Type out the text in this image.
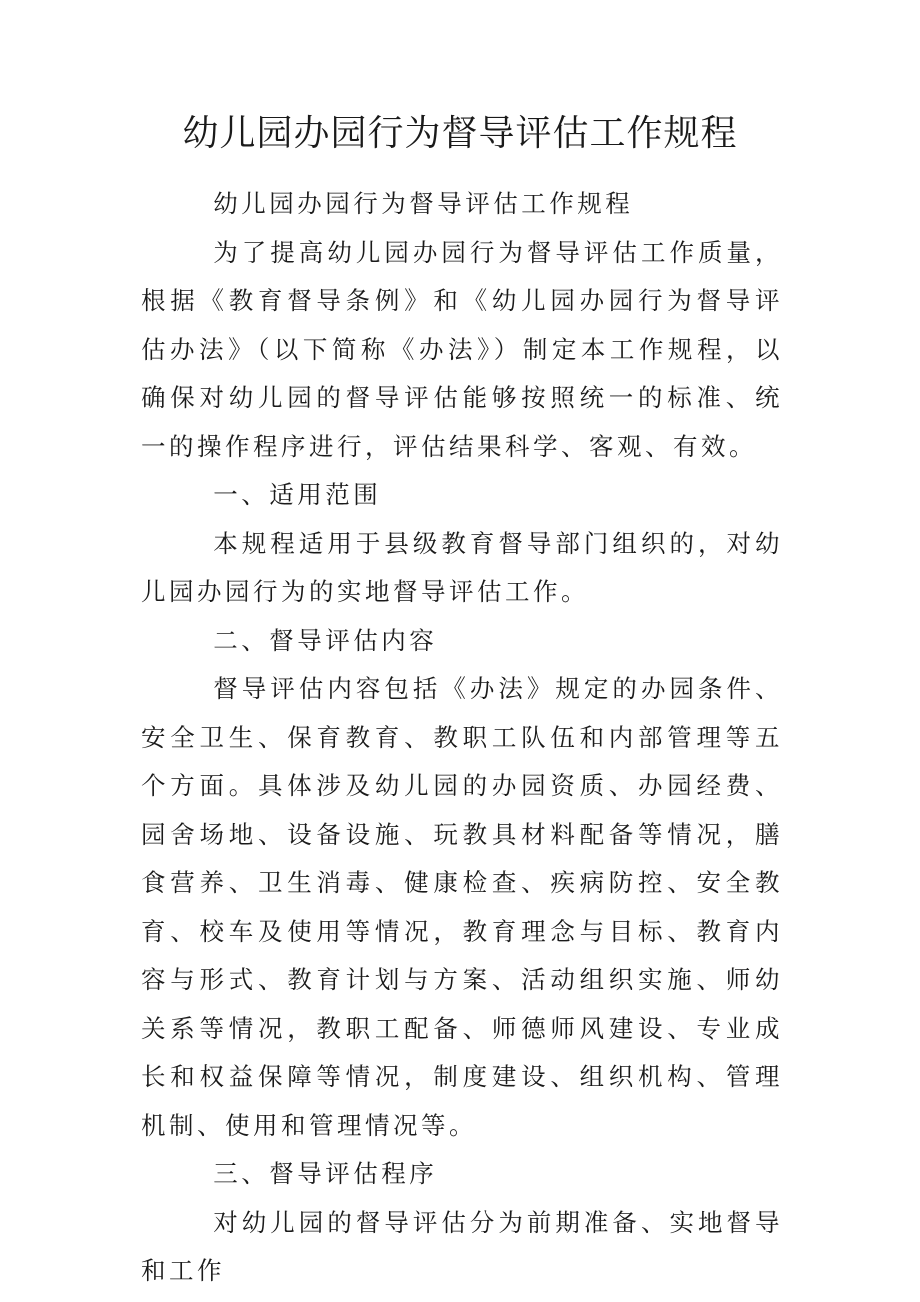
幼儿园办园行为督导评估工作规程

幼儿园办园行为督导评估工作规程

为了提高幼儿园办园行为督导评估工作质量，根据《教育督导条例》和《幼儿园办园行为督导评估办法》（以下简称《办法》）制定本工作规程，以确保对幼儿园的督导评估能够按照统一的标准、统一的操作程序进行，评估结果科学、客观、有效。

一、适用范围

本规程适用于县级教育督导部门组织的，对幼儿园办园行为的实地督导评估工作。

二、督导评估内容

督导评估内容包括《办法》规定的办园条件、安全卫生、保育教育、教职工队伍和内部管理等五个方面。具体涉及幼儿园的办园资质、办园经费、园舍场地、设备设施、玩教具材料配备等情况，膳食营养、卫生消毒、健康检查、疾病防控、安全教育、校车及使用等情况，教育理念与目标、教育内容与形式、教育计划与方案、活动组织实施、师幼关系等情况，教职工配备、师德师风建设、专业成长和权益保障等情况，制度建设、组织机构、管理机制、使用和管理情况等。

三、督导评估程序

对幼儿园的督导评估分为前期准备、实地督导和工作
